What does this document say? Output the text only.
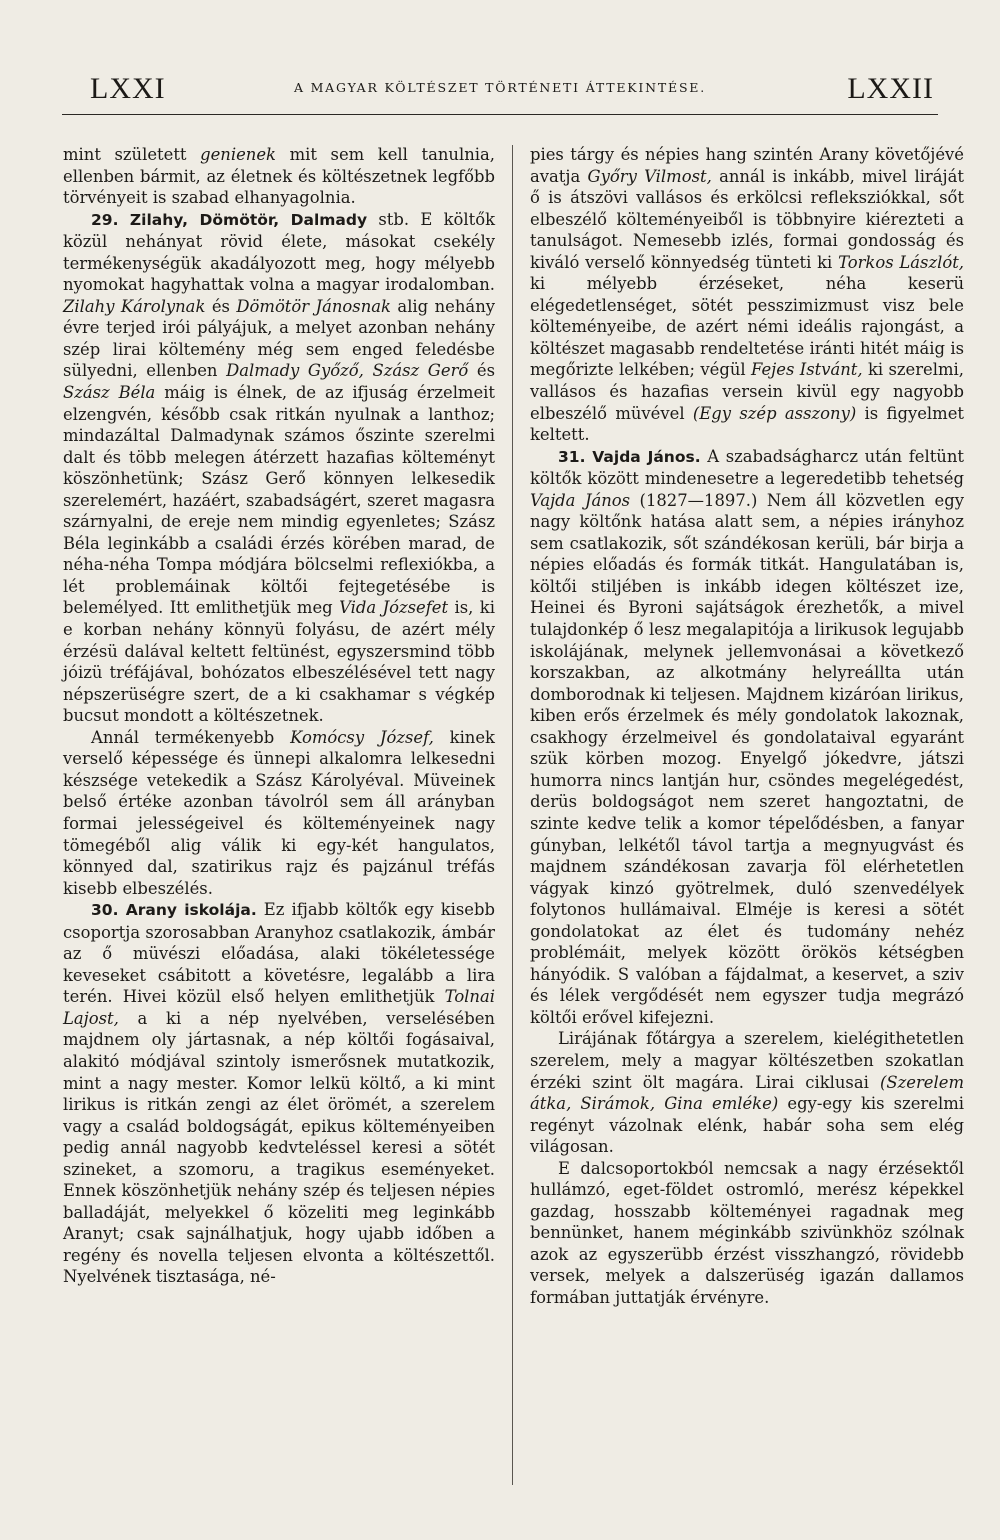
LXXI	A MAGYAR KÖLTÉSZET TÖRTÉNETI ÁTTEKINTÉSE.	LXXII

mint született genienek mit sem kell tanulnia, ellenben bármit, az életnek és költészetnek legfőbb törvényeit is szabad elhanyagolnia.

29. Zilahy, Dömötör, Dalmady stb. E költők közül nehányat rövid élete, másokat csekély termékenységük akadályozott meg, hogy mélyebb nyomokat hagyhattak volna a magyar irodalomban. Zilahy Károlynak és Dömötör Jánosnak alig nehány évre terjed irói pályájuk, a melyet azonban nehány szép lirai költemény még sem enged feledésbe sülyedni, ellenben Dalmady Győző, Szász Gerő és Szász Béla máig is élnek, de az ifjuság érzelmeit elzengvén, később csak ritkán nyulnak a lanthoz; mindazáltal Dalmadynak számos őszinte szerelmi dalt és több melegen átérzett hazafias költeményt köszönhetünk; Szász Gerő könnyen lelkesedik szerelemért, hazáért, szabadságért, szeret magasra szárnyalni, de ereje nem mindig egyenletes; Szász Béla leginkább a családi érzés körében marad, de néha-néha Tompa módjára bölcselmi reflexiókba, a lét problemáinak költői fejtegetésébe is belemélyed. Itt emlithetjük meg Vida Józsefet is, ki e korban nehány könnyü folyásu, de azért mély érzésü dalával keltett feltünést, egyszersmind több jóizü tréfájával, bohózatos elbeszélésével tett nagy népszerüségre szert, de a ki csakhamar s végkép bucsut mondott a költészetnek.

Annál termékenyebb Komócsy József, kinek verselő képessége és ünnepi alkalomra lelkesedni készsége vetekedik a Szász Károlyéval. Müveinek belső értéke azonban távolról sem áll arányban formai jelességeivel és költeményeinek nagy tömegéből alig válik ki egy-két hangulatos, könnyed dal, szatirikus rajz és pajzánul tréfás kisebb elbeszélés.

30. Arany iskolája. Ez ifjabb költők egy kisebb csoportja szorosabban Aranyhoz csatlakozik, ámbár az ő müvészi előadása, alaki tökéletessége keveseket csábitott a követésre, legalább a lira terén. Hivei közül első helyen emlithetjük Tolnai Lajost, a ki a nép nyelvében, verselésében majdnem oly jártasnak, a nép költői fogásaival, alakitó módjával szintoly ismerősnek mutatkozik, mint a nagy mester. Komor lelkü költő, a ki mint lirikus is ritkán zengi az élet örömét, a szerelem vagy a család boldogságát, epikus költeményeiben pedig annál nagyobb kedvteléssel keresi a sötét szineket, a szomoru, a tragikus eseményeket. Ennek köszönhetjük nehány szép és teljesen népies balladáját, melyekkel ő közeliti meg leginkább Aranyt; csak sajnálhatjuk, hogy ujabb időben a regény és novella teljesen elvonta a költészettől. Nyelvének tisztasága, né-

pies tárgy és népies hang szintén Arany követőjévé avatja Győry Vilmost, annál is inkább, mivel liráját ő is átszövi vallásos és erkölcsi refleksziókkal, sőt elbeszélő költeményeiből is többnyire kiérezteti a tanulságot. Nemesebb izlés, formai gondosság és kiváló verselő könnyedség tünteti ki Torkos Lászlót, ki mélyebb érzéseket, néha keserü elégedetlenséget, sötét pesszimizmust visz bele költeményeibe, de azért némi ideális rajongást, a költészet magasabb rendeltetése iránti hitét máig is megőrizte lelkében; végül Fejes Istvánt, ki szerelmi, vallásos és hazafias versein kivül egy nagyobb elbeszélő müvével (Egy szép asszony) is figyelmet keltett.

31. Vajda János. A szabadságharcz után feltünt költők között mindenesetre a legeredetibb tehetség Vajda János (1827—1897.) Nem áll közvetlen egy nagy költőnk hatása alatt sem, a népies irányhoz sem csatlakozik, sőt szándékosan kerüli, bár birja a népies előadás és formák titkát. Hangulatában is, költői stiljében is inkább idegen költészet ize, Heinei és Byroni sajátságok érezhetők, a mivel tulajdonkép ő lesz megalapitója a lirikusok legujabb iskolájának, melynek jellemvonásai a következő korszakban, az alkotmány helyreállta után domborodnak ki teljesen. Majdnem kizáróan lirikus, kiben erős érzelmek és mély gondolatok lakoznak, csakhogy érzelmeivel és gondolataival egyaránt szük körben mozog. Enyelgő jókedvre, játszi humorra nincs lantján hur, csöndes megelégedést, derüs boldogságot nem szeret hangoztatni, de szinte kedve telik a komor tépelődésben, a fanyar gúnyban, lelkétől távol tartja a megnyugvást és majdnem szándékosan zavarja föl elérhetetlen vágyak kinzó gyötrelmek, duló szenvedélyek folytonos hullámaival. Elméje is keresi a sötét gondolatokat az élet és tudomány nehéz problémáit, melyek között örökös kétségben hányódik. S valóban a fájdalmat, a keservet, a sziv és lélek vergődését nem egyszer tudja megrázó költői erővel kifejezni.

Lirájának főtárgya a szerelem, kielégithetetlen szerelem, mely a magyar költészetben szokatlan érzéki szint ölt magára. Lirai ciklusai (Szerelem átka, Sirámok, Gina emléke) egy-egy kis szerelmi regényt vázolnak elénk, habár soha sem elég világosan.

E dalcsoportokból nemcsak a nagy érzésektől hullámzó, eget-földet ostromló, merész képekkel gazdag, hosszabb költeményei ragadnak meg bennünket, hanem méginkább szivünkhöz szólnak azok az egyszerübb érzést visszhangzó, rövidebb versek, melyek a dalszerüség igazán dallamos formában juttatják érvényre.
